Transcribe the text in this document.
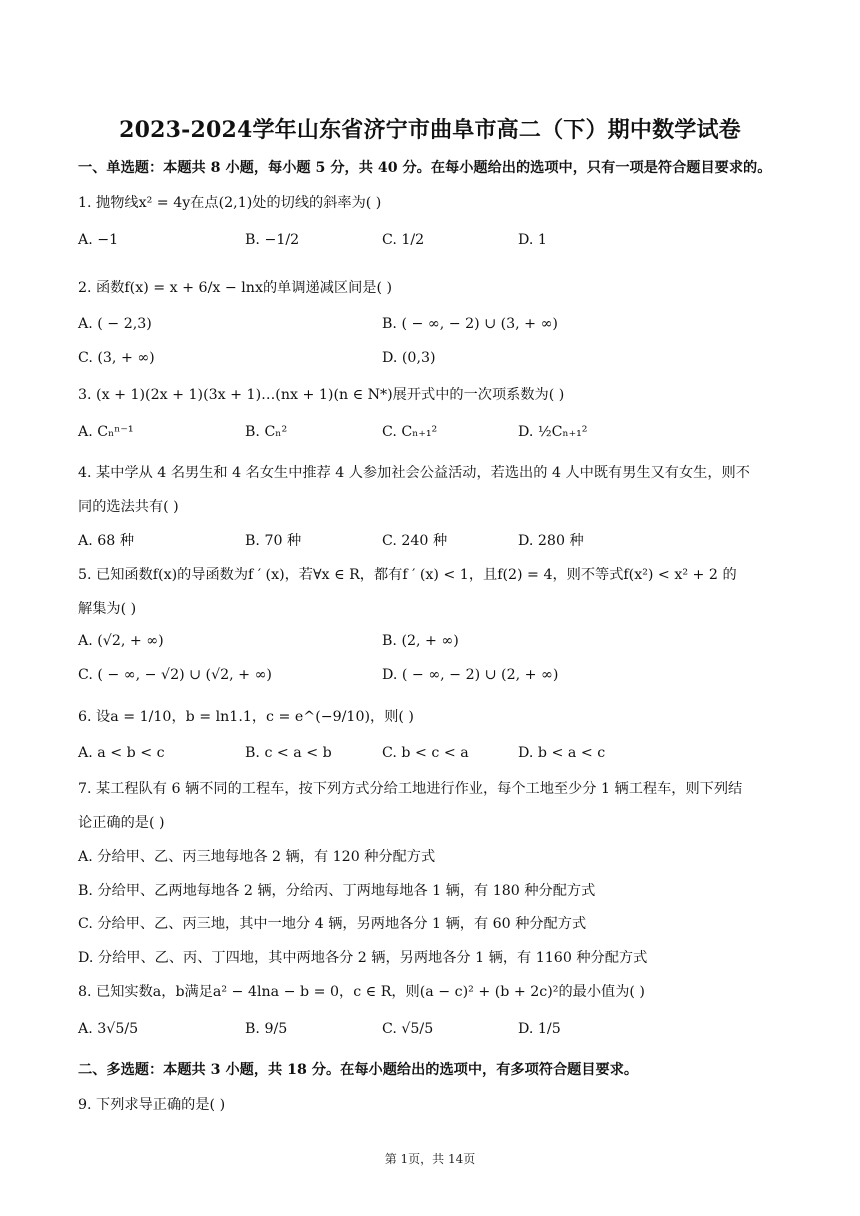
2023-2024学年山东省济宁市曲阜市高二（下）期中数学试卷
一、单选题：本题共 8 小题，每小题 5 分，共 40 分。在每小题给出的选项中，只有一项是符合题目要求的。
1. 抛物线x² = 4y在点(2,1)处的切线的斜率为( )
A. −1	B. −1/2	C. 1/2	D. 1
2. 函数f(x) = x + 6/x − lnx的单调递减区间是( )
A. ( − 2,3)	B. ( − ∞, − 2) ∪ (3, + ∞)
C. (3, + ∞)	D. (0,3)
3. (x + 1)(2x + 1)(3x + 1)…(nx + 1)(n ∈ N*)展开式中的一次项系数为( )
A. Cₙⁿ⁻¹	B. Cₙ²	C. Cₙ₊₁²	D. ½Cₙ₊₁²
4. 某中学从 4 名男生和 4 名女生中推荐 4 人参加社会公益活动，若选出的 4 人中既有男生又有女生，则不
同的选法共有( )
A. 68 种	B. 70 种	C. 240 种	D. 280 种
5. 已知函数f(x)的导函数为f ′ (x)，若∀x ∈ R，都有f ′ (x) < 1，且f(2) = 4，则不等式f(x²) < x² + 2 的
解集为( )
A. (√2, + ∞)	B. (2, + ∞)
C. ( − ∞, − √2) ∪ (√2, + ∞)	D. ( − ∞, − 2) ∪ (2, + ∞)
6. 设a = 1/10，b = ln1.1，c = e^(−9/10)，则( )
A. a < b < c	B. c < a < b	C. b < c < a	D. b < a < c
7. 某工程队有 6 辆不同的工程车，按下列方式分给工地进行作业，每个工地至少分 1 辆工程车，则下列结
论正确的是( )
A. 分给甲、乙、丙三地每地各 2 辆，有 120 种分配方式
B. 分给甲、乙两地每地各 2 辆，分给丙、丁两地每地各 1 辆，有 180 种分配方式
C. 分给甲、乙、丙三地，其中一地分 4 辆，另两地各分 1 辆，有 60 种分配方式
D. 分给甲、乙、丙、丁四地，其中两地各分 2 辆，另两地各分 1 辆，有 1160 种分配方式
8. 已知实数a，b满足a² − 4lna − b = 0，c ∈ R，则(a − c)² + (b + 2c)²的最小值为( )
A. 3√5/5	B. 9/5	C. √5/5	D. 1/5
二、多选题：本题共 3 小题，共 18 分。在每小题给出的选项中，有多项符合题目要求。
9. 下列求导正确的是( )
第 1页，共 14页
